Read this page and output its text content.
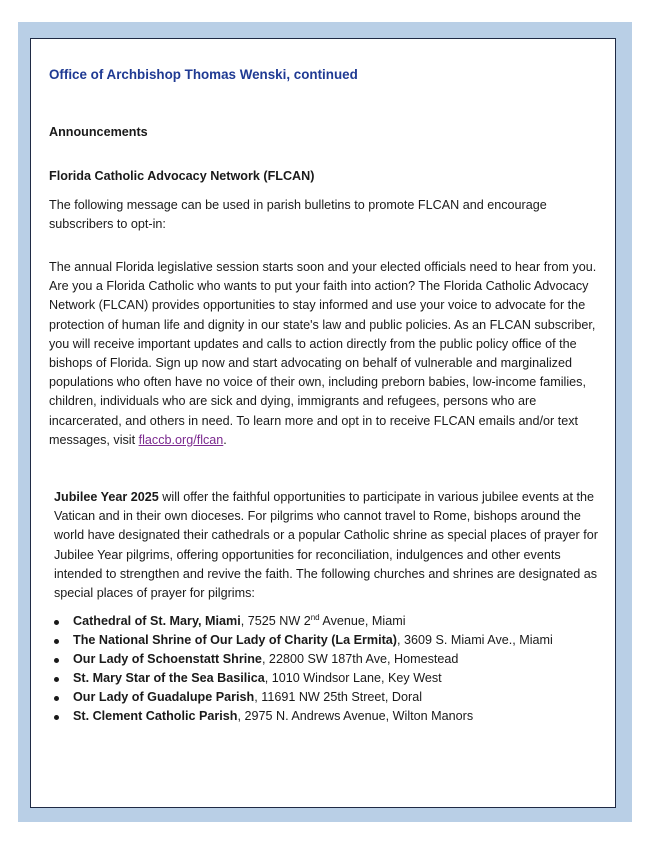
Office of Archbishop Thomas Wenski, continued
Announcements
Florida Catholic Advocacy Network (FLCAN)

The following message can be used in parish bulletins to promote FLCAN and encourage subscribers to opt-in:

The annual Florida legislative session starts soon and your elected officials need to hear from you. Are you a Florida Catholic who wants to put your faith into action? The Florida Catholic Advocacy Network (FLCAN) provides opportunities to stay informed and use your voice to advocate for the protection of human life and dignity in our state's law and public policies. As an FLCAN subscriber, you will receive important updates and calls to action directly from the public policy office of the bishops of Florida. Sign up now and start advocating on behalf of vulnerable and marginalized populations who often have no voice of their own, including preborn babies, low-income families, children, individuals who are sick and dying, immigrants and refugees, persons who are incarcerated, and others in need. To learn more and opt in to receive FLCAN emails and/or text messages, visit flaccb.org/flcan.

Jubilee Year 2025 will offer the faithful opportunities to participate in various jubilee events at the Vatican and in their own dioceses. For pilgrims who cannot travel to Rome, bishops around the world have designated their cathedrals or a popular Catholic shrine as special places of prayer for Jubilee Year pilgrims, offering opportunities for reconciliation, indulgences and other events intended to strengthen and revive the faith. The following churches and shrines are designated as special places of prayer for pilgrims:

Cathedral of St. Mary, Miami, 7525 NW 2nd Avenue, Miami
The National Shrine of Our Lady of Charity (La Ermita), 3609 S. Miami Ave., Miami
Our Lady of Schoenstatt Shrine, 22800 SW 187th Ave, Homestead
St. Mary Star of the Sea Basilica, 1010 Windsor Lane, Key West
Our Lady of Guadalupe Parish, 11691 NW 25th Street, Doral
St. Clement Catholic Parish, 2975 N. Andrews Avenue, Wilton Manors
